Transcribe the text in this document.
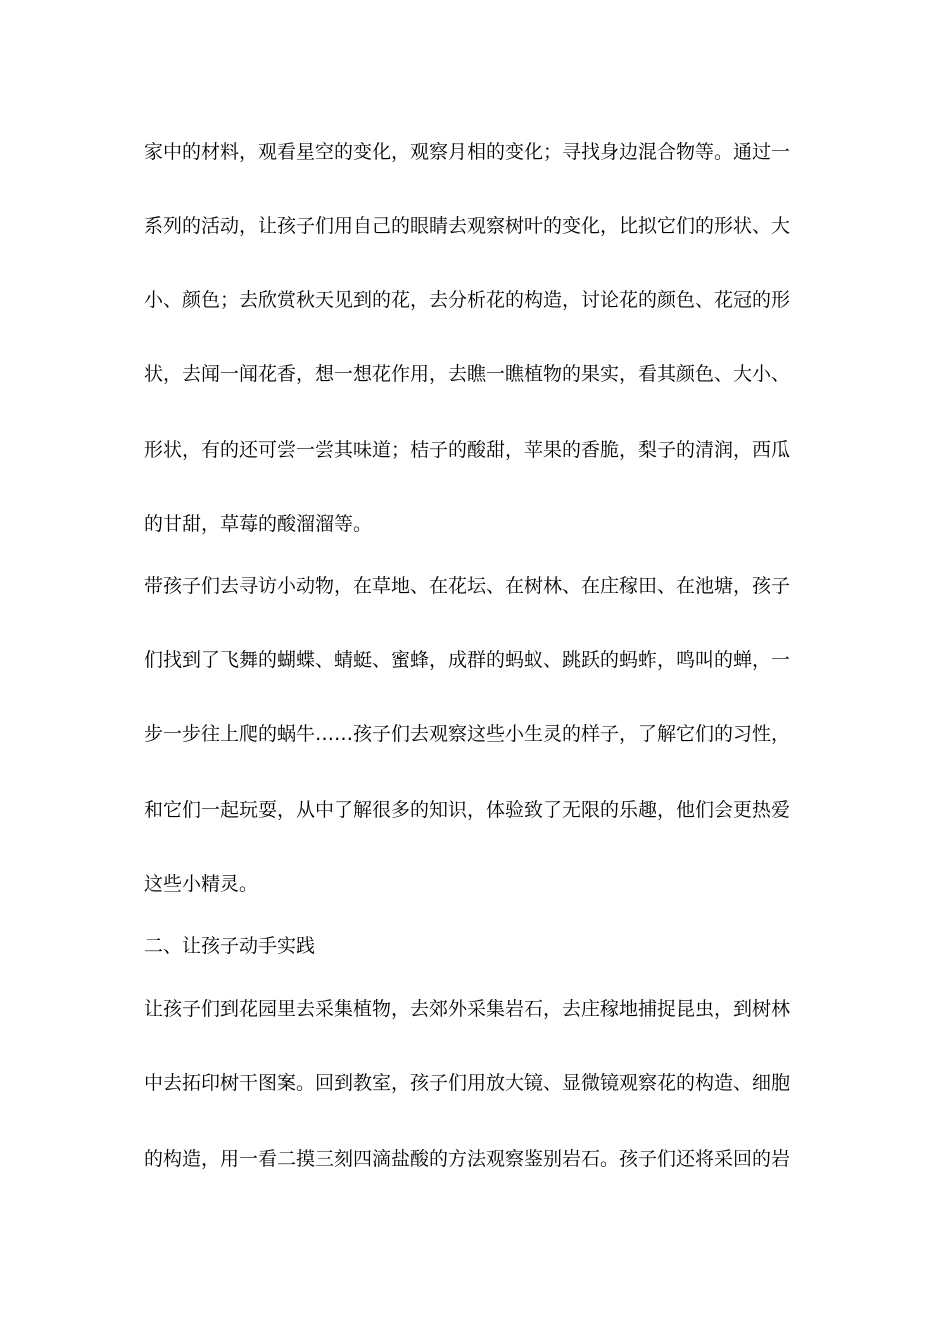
家中的材料，观看星空的变化，观察月相的变化；寻找身边混合物等。通过一
系列的活动，让孩子们用自己的眼睛去观察树叶的变化，比拟它们的形状、大
小、颜色；去欣赏秋天见到的花，去分析花的构造，讨论花的颜色、花冠的形
状，去闻一闻花香，想一想花作用，去瞧一瞧植物的果实，看其颜色、大小、
形状，有的还可尝一尝其味道；桔子的酸甜，苹果的香脆，梨子的清润，西瓜
的甘甜，草莓的酸溜溜等。
带孩子们去寻访小动物，在草地、在花坛、在树林、在庄稼田、在池塘，孩子
们找到了飞舞的蝴蝶、蜻蜓、蜜蜂，成群的蚂蚁、跳跃的蚂蚱，鸣叫的蝉，一
步一步往上爬的蜗牛……孩子们去观察这些小生灵的样子，了解它们的习性，
和它们一起玩耍，从中了解很多的知识，体验致了无限的乐趣，他们会更热爱
这些小精灵。
二、让孩子动手实践
让孩子们到花园里去采集植物，去郊外采集岩石，去庄稼地捕捉昆虫，到树林
中去拓印树干图案。回到教室，孩子们用放大镜、显微镜观察花的构造、细胞
的构造，用一看二摸三刻四滴盐酸的方法观察鉴别岩石。孩子们还将采回的岩
